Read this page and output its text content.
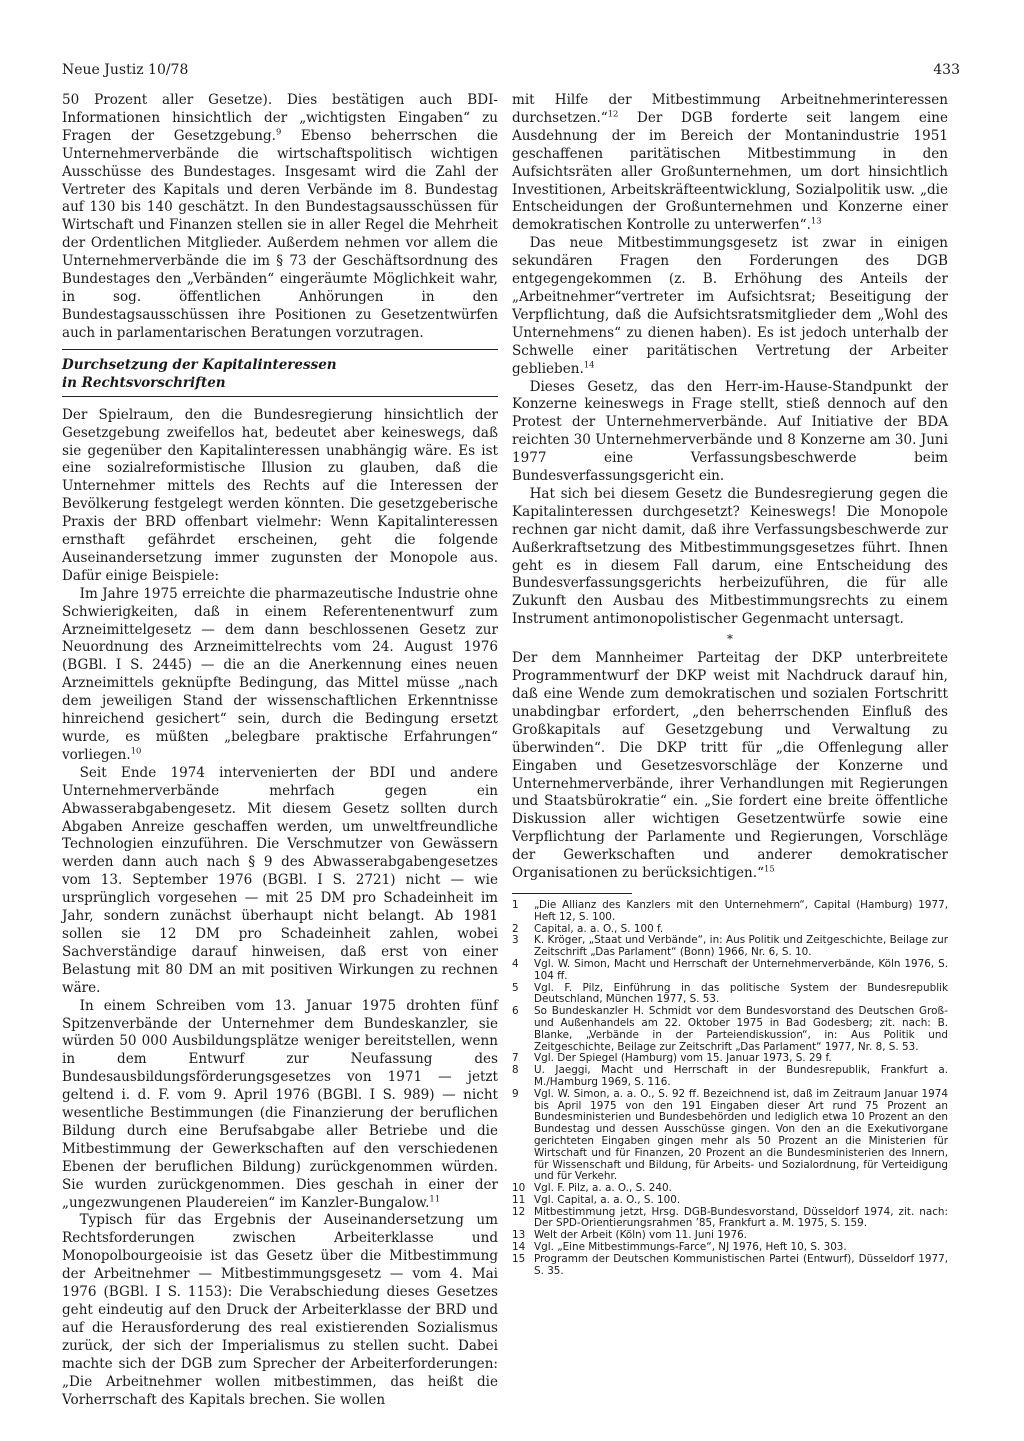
Neue Justiz 10/78	433

50 Prozent aller Gesetze). Dies bestätigen auch BDI-Informationen hinsichtlich der „wichtigsten Eingaben“ zu Fragen der Gesetzgebung.$^9$ Ebenso beherrschen die Unternehmerverbände die wirtschaftspolitisch wichtigen Ausschüsse des Bundestages. Insgesamt wird die Zahl der Vertreter des Kapitals und deren Verbände im 8. Bundestag auf 130 bis 140 geschätzt. In den Bundestagsausschüssen für Wirtschaft und Finanzen stellen sie in aller Regel die Mehrheit der Ordentlichen Mitglieder. Außerdem nehmen vor allem die Unternehmerverbände die im § 73 der Geschäftsordnung des Bundestages den „Verbänden“ eingeräumte Möglichkeit wahr, in sog. öffentlichen Anhörungen in den Bundestagsausschüssen ihre Positionen zu Gesetzentwürfen auch in parlamentarischen Beratungen vorzutragen.

Durchsetzung der Kapitalinteressen
in Rechtsvorschriften

Der Spielraum, den die Bundesregierung hinsichtlich der Gesetzgebung zweifellos hat, bedeutet aber keineswegs, daß sie gegenüber den Kapitalinteressen unabhängig wäre. Es ist eine sozialreformistische Illusion zu glauben, daß die Unternehmer mittels des Rechts auf die Interessen der Bevölkerung festgelegt werden könnten. Die gesetzgeberische Praxis der BRD offenbart vielmehr: Wenn Kapitalinteressen ernsthaft gefährdet erscheinen, geht die folgende Auseinandersetzung immer zugunsten der Monopole aus. Dafür einige Beispiele:

Im Jahre 1975 erreichte die pharmazeutische Industrie ohne Schwierigkeiten, daß in einem Referentenentwurf zum Arzneimittelgesetz — dem dann beschlossenen Gesetz zur Neuordnung des Arzneimittelrechts vom 24. August 1976 (BGBl. I S. 2445) — die an die Anerkennung eines neuen Arzneimittels geknüpfte Bedingung, das Mittel müsse „nach dem jeweiligen Stand der wissenschaftlichen Erkenntnisse hinreichend gesichert“ sein, durch die Bedingung ersetzt wurde, es müßten „belegbare praktische Erfahrungen“ vorliegen.$^{10}$

Seit Ende 1974 intervenierten der BDI und andere Unternehmerverbände mehrfach gegen ein Abwasserabgabengesetz. Mit diesem Gesetz sollten durch Abgaben Anreize geschaffen werden, um unweltfreundliche Technologien einzuführen. Die Verschmutzer von Gewässern werden dann auch nach § 9 des Abwasserabgabengesetzes vom 13. September 1976 (BGBl. I S. 2721) nicht — wie ursprünglich vorgesehen — mit 25 DM pro Schadeinheit im Jahr, sondern zunächst überhaupt nicht belangt. Ab 1981 sollen sie 12 DM pro Schadeinheit zahlen, wobei Sachverständige darauf hinweisen, daß erst von einer Belastung mit 80 DM an mit positiven Wirkungen zu rechnen wäre.

In einem Schreiben vom 13. Januar 1975 drohten fünf Spitzenverbände der Unternehmer dem Bundeskanzler, sie würden 50 000 Ausbildungsplätze weniger bereitstellen, wenn in dem Entwurf zur Neufassung des Bundesausbildungsförderungsgesetzes von 1971 — jetzt geltend i. d. F. vom 9. April 1976 (BGBl. I S. 989) — nicht wesentliche Bestimmungen (die Finanzierung der beruflichen Bildung durch eine Berufsabgabe aller Betriebe und die Mitbestimmung der Gewerkschaften auf den verschiedenen Ebenen der beruflichen Bildung) zurückgenommen würden. Sie wurden zurückgenommen. Dies geschah in einer der „ungezwungenen Plaudereien“ im Kanzler-Bungalow.$^{11}$

Typisch für das Ergebnis der Auseinandersetzung um Rechtsforderungen zwischen Arbeiterklasse und Monopolbourgeoisie ist das Gesetz über die Mitbestimmung der Arbeitnehmer — Mitbestimmungsgesetz — vom 4. Mai 1976 (BGBl. I S. 1153): Die Verabschiedung dieses Gesetzes geht eindeutig auf den Druck der Arbeiterklasse der BRD und auf die Herausforderung des real existierenden Sozialismus zurück, der sich der Imperialismus zu stellen sucht. Dabei machte sich der DGB zum Sprecher der Arbeiterforderungen: „Die Arbeitnehmer wollen mitbestimmen, das heißt die Vorherrschaft des Kapitals brechen. Sie wollen

mit Hilfe der Mitbestimmung Arbeitnehmerinteressen durchsetzen.“$^{12}$ Der DGB forderte seit langem eine Ausdehnung der im Bereich der Montanindustrie 1951 geschaffenen paritätischen Mitbestimmung in den Aufsichtsräten aller Großunternehmen, um dort hinsichtlich Investitionen, Arbeitskräfteentwicklung, Sozialpolitik usw. „die Entscheidungen der Großunternehmen und Konzerne einer demokratischen Kontrolle zu unterwerfen“.$^{13}$

Das neue Mitbestimmungsgesetz ist zwar in einigen sekundären Fragen den Forderungen des DGB entgegengekommen (z. B. Erhöhung des Anteils der „Arbeitnehmer“vertreter im Aufsichtsrat; Beseitigung der Verpflichtung, daß die Aufsichtsratsmitglieder dem „Wohl des Unternehmens“ zu dienen haben). Es ist jedoch unterhalb der Schwelle einer paritätischen Vertretung der Arbeiter geblieben.$^{14}$

Dieses Gesetz, das den Herr-im-Hause-Standpunkt der Konzerne keineswegs in Frage stellt, stieß dennoch auf den Protest der Unternehmerverbände. Auf Initiative der BDA reichten 30 Unternehmerverbände und 8 Konzerne am 30. Juni 1977 eine Verfassungsbeschwerde beim Bundesverfassungsgericht ein.

Hat sich bei diesem Gesetz die Bundesregierung gegen die Kapitalinteressen durchgesetzt? Keineswegs! Die Monopole rechnen gar nicht damit, daß ihre Verfassungsbeschwerde zur Außerkraftsetzung des Mitbestimmungsgesetzes führt. Ihnen geht es in diesem Fall darum, eine Entscheidung des Bundesverfassungsgerichts herbeizuführen, die für alle Zukunft den Ausbau des Mitbestimmungsrechts zu einem Instrument antimonopolistischer Gegenmacht untersagt.

*

Der dem Mannheimer Parteitag der DKP unterbreitete Programmentwurf der DKP weist mit Nachdruck darauf hin, daß eine Wende zum demokratischen und sozialen Fortschritt unabdingbar erfordert, „den beherrschenden Einfluß des Großkapitals auf Gesetzgebung und Verwaltung zu überwinden“. Die DKP tritt für „die Offenlegung aller Eingaben und Gesetzesvorschläge der Konzerne und Unternehmerverbände, ihrer Verhandlungen mit Regierungen und Staatsbürokratie“ ein. „Sie fordert eine breite öffentliche Diskussion aller wichtigen Gesetzentwürfe sowie eine Verpflichtung der Parlamente und Regierungen, Vorschläge der Gewerkschaften und anderer demokratischer Organisationen zu berücksichtigen.“$^{15}$

1	„Die Allianz des Kanzlers mit den Unternehmern“, Capital (Hamburg) 1977, Heft 12, S. 100.
2	Capital, a. a. O., S. 100 f.
3	K. Kröger, „Staat und Verbände“, in: Aus Politik und Zeitgeschichte, Beilage zur Zeitschrift „Das Parlament“ (Bonn) 1966, Nr. 6, S. 10.
4	Vgl. W. Simon, Macht und Herrschaft der Unternehmerverbände, Köln 1976, S. 104 ff.
5	Vgl. F. Pilz, Einführung in das politische System der Bundesrepublik Deutschland, München 1977, S. 53.
6	So Bundeskanzler H. Schmidt vor dem Bundesvorstand des Deutschen Groß- und Außenhandels am 22. Oktober 1975 in Bad Godesberg; zit. nach: B. Blanke, „Verbände in der Parteiendiskussion“, in: Aus Politik und Zeitgeschichte, Beilage zur Zeitschrift „Das Parlament“ 1977, Nr. 8, S. 53.
7	Vgl. Der Spiegel (Hamburg) vom 15. Januar 1973, S. 29 f.
8	U. Jaeggi, Macht und Herrschaft in der Bundesrepublik, Frankfurt a. M./Hamburg 1969, S. 116.
9	Vgl. W. Simon, a. a. O., S. 92 ff. Bezeichnend ist, daß im Zeitraum Januar 1974 bis April 1975 von den 191 Eingaben dieser Art rund 75 Prozent an Bundesministerien und Bundesbehörden und lediglich etwa 10 Prozent an den Bundestag und dessen Ausschüsse gingen. Von den an die Exekutivorgane gerichteten Eingaben gingen mehr als 50 Prozent an die Ministerien für Wirtschaft und für Finanzen, 20 Prozent an die Bundesministerien des Innern, für Wissenschaft und Bildung, für Arbeits- und Sozialordnung, für Verteidigung und für Verkehr.
10 Vgl. F. Pilz, a. a. O., S. 240.
11 Vgl. Capital, a. a. O., S. 100.
12 Mitbestimmung jetzt, Hrsg. DGB-Bundesvorstand, Düsseldorf 1974, zit. nach: Der SPD-Orientierungsrahmen ’85, Frankfurt a. M. 1975, S. 159.
13 Welt der Arbeit (Köln) vom 11. Juni 1976.
14 Vgl. „Eine Mitbestimmungs-Farce“, NJ 1976, Heft 10, S. 303.
15 Programm der Deutschen Kommunistischen Partei (Entwurf), Düsseldorf 1977, S. 35.
